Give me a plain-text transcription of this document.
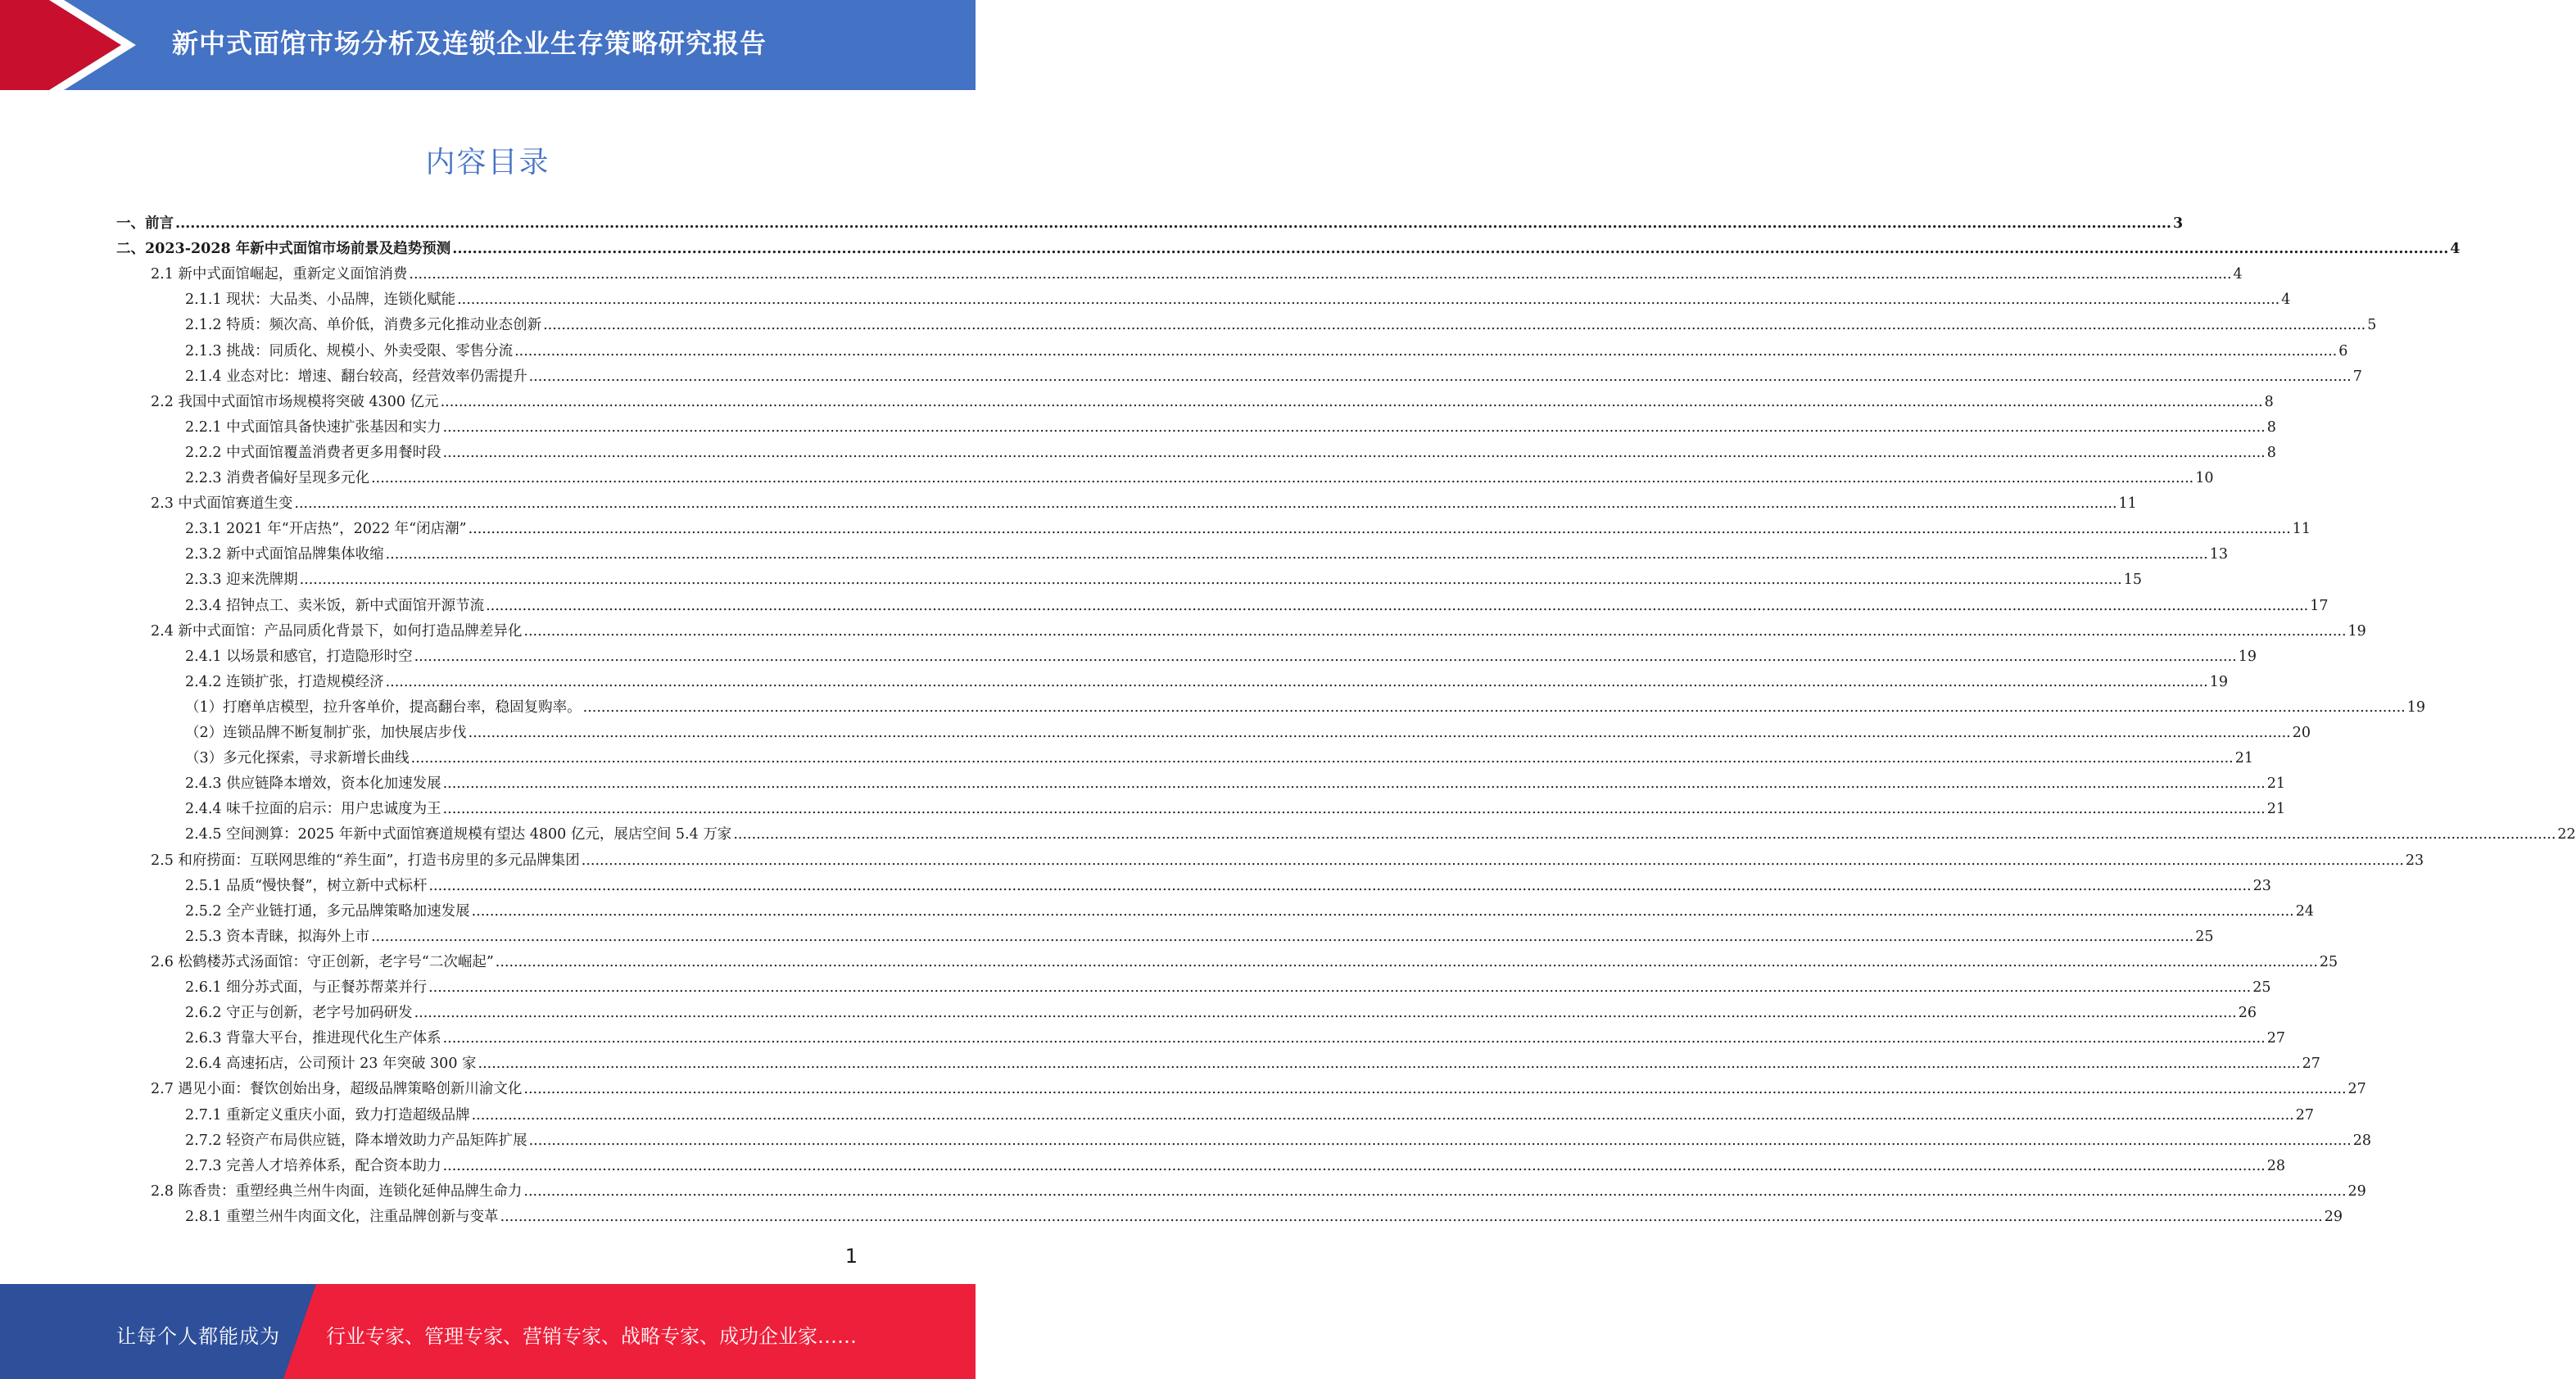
新中式面馆市场分析及连锁企业生存策略研究报告
内容目录
一、前言 ................................................................................................................................................................................................................................................................................................................................................................................................................ 3
二、2023-2028 年新中式面馆市场前景及趋势预测 ................................................................................................................................................................................................................................................................................................................................................................................................................ 4
2.1 新中式面馆崛起，重新定义面馆消费 ................................................................................................................................................................................................................................................................................................................................................................................................................ 4
2.1.1 现状：大品类、小品牌，连锁化赋能 ................................................................................................................................................................................................................................................................................................................................................................................................................ 4
2.1.2 特质：频次高、单价低，消费多元化推动业态创新 ................................................................................................................................................................................................................................................................................................................................................................................................................ 5
2.1.3 挑战：同质化、规模小、外卖受限、零售分流 ................................................................................................................................................................................................................................................................................................................................................................................................................ 6
2.1.4 业态对比：增速、翻台较高，经营效率仍需提升 ................................................................................................................................................................................................................................................................................................................................................................................................................ 7
2.2 我国中式面馆市场规模将突破 4300 亿元 ................................................................................................................................................................................................................................................................................................................................................................................................................ 8
2.2.1 中式面馆具备快速扩张基因和实力 ................................................................................................................................................................................................................................................................................................................................................................................................................ 8
2.2.2 中式面馆覆盖消费者更多用餐时段 ................................................................................................................................................................................................................................................................................................................................................................................................................ 8
2.2.3 消费者偏好呈现多元化 ................................................................................................................................................................................................................................................................................................................................................................................................................ 10
2.3 中式面馆赛道生变 ................................................................................................................................................................................................................................................................................................................................................................................................................ 11
2.3.1 2021 年“开店热”，2022 年“闭店潮” ................................................................................................................................................................................................................................................................................................................................................................................................................ 11
2.3.2 新中式面馆品牌集体收缩 ................................................................................................................................................................................................................................................................................................................................................................................................................ 13
2.3.3 迎来洗牌期 ................................................................................................................................................................................................................................................................................................................................................................................................................ 15
2.3.4 招钟点工、卖米饭，新中式面馆开源节流 ................................................................................................................................................................................................................................................................................................................................................................................................................ 17
2.4 新中式面馆：产品同质化背景下，如何打造品牌差异化 ................................................................................................................................................................................................................................................................................................................................................................................................................ 19
2.4.1 以场景和感官，打造隐形时空 ................................................................................................................................................................................................................................................................................................................................................................................................................ 19
2.4.2 连锁扩张，打造规模经济 ................................................................................................................................................................................................................................................................................................................................................................................................................ 19
（1）打磨单店模型，拉升客单价，提高翻台率，稳固复购率。 ................................................................................................................................................................................................................................................................................................................................................................................................................ 19
（2）连锁品牌不断复制扩张，加快展店步伐 ................................................................................................................................................................................................................................................................................................................................................................................................................ 20
（3）多元化探索，寻求新增长曲线 ................................................................................................................................................................................................................................................................................................................................................................................................................ 21
2.4.3 供应链降本增效，资本化加速发展 ................................................................................................................................................................................................................................................................................................................................................................................................................ 21
2.4.4 味千拉面的启示：用户忠诚度为王 ................................................................................................................................................................................................................................................................................................................................................................................................................ 21
2.4.5 空间测算：2025 年新中式面馆赛道规模有望达 4800 亿元，展店空间 5.4 万家 ................................................................................................................................................................................................................................................................................................................................................................................................................ 22
2.5 和府捞面：互联网思维的“养生面”，打造书房里的多元品牌集团 ................................................................................................................................................................................................................................................................................................................................................................................................................ 23
2.5.1 品质“慢快餐”，树立新中式标杆 ................................................................................................................................................................................................................................................................................................................................................................................................................ 23
2.5.2 全产业链打通，多元品牌策略加速发展 ................................................................................................................................................................................................................................................................................................................................................................................................................ 24
2.5.3 资本青睐，拟海外上市 ................................................................................................................................................................................................................................................................................................................................................................................................................ 25
2.6 松鹤楼苏式汤面馆：守正创新，老字号“二次崛起” ................................................................................................................................................................................................................................................................................................................................................................................................................ 25
2.6.1 细分苏式面，与正餐苏帮菜并行 ................................................................................................................................................................................................................................................................................................................................................................................................................ 25
2.6.2 守正与创新，老字号加码研发 ................................................................................................................................................................................................................................................................................................................................................................................................................ 26
2.6.3 背靠大平台，推进现代化生产体系 ................................................................................................................................................................................................................................................................................................................................................................................................................ 27
2.6.4 高速拓店，公司预计 23 年突破 300 家 ................................................................................................................................................................................................................................................................................................................................................................................................................ 27
2.7 遇见小面：餐饮创始出身，超级品牌策略创新川渝文化 ................................................................................................................................................................................................................................................................................................................................................................................................................ 27
2.7.1 重新定义重庆小面，致力打造超级品牌 ................................................................................................................................................................................................................................................................................................................................................................................................................ 27
2.7.2 轻资产布局供应链，降本增效助力产品矩阵扩展 ................................................................................................................................................................................................................................................................................................................................................................................................................ 28
2.7.3 完善人才培养体系，配合资本助力 ................................................................................................................................................................................................................................................................................................................................................................................................................ 28
2.8 陈香贵：重塑经典兰州牛肉面，连锁化延伸品牌生命力 ................................................................................................................................................................................................................................................................................................................................................................................................................ 29
2.8.1 重塑兰州牛肉面文化，注重品牌创新与变革 ................................................................................................................................................................................................................................................................................................................................................................................................................ 29
1
让每个人都能成为 行业专家、管理专家、营销专家、战略专家、成功企业家……
